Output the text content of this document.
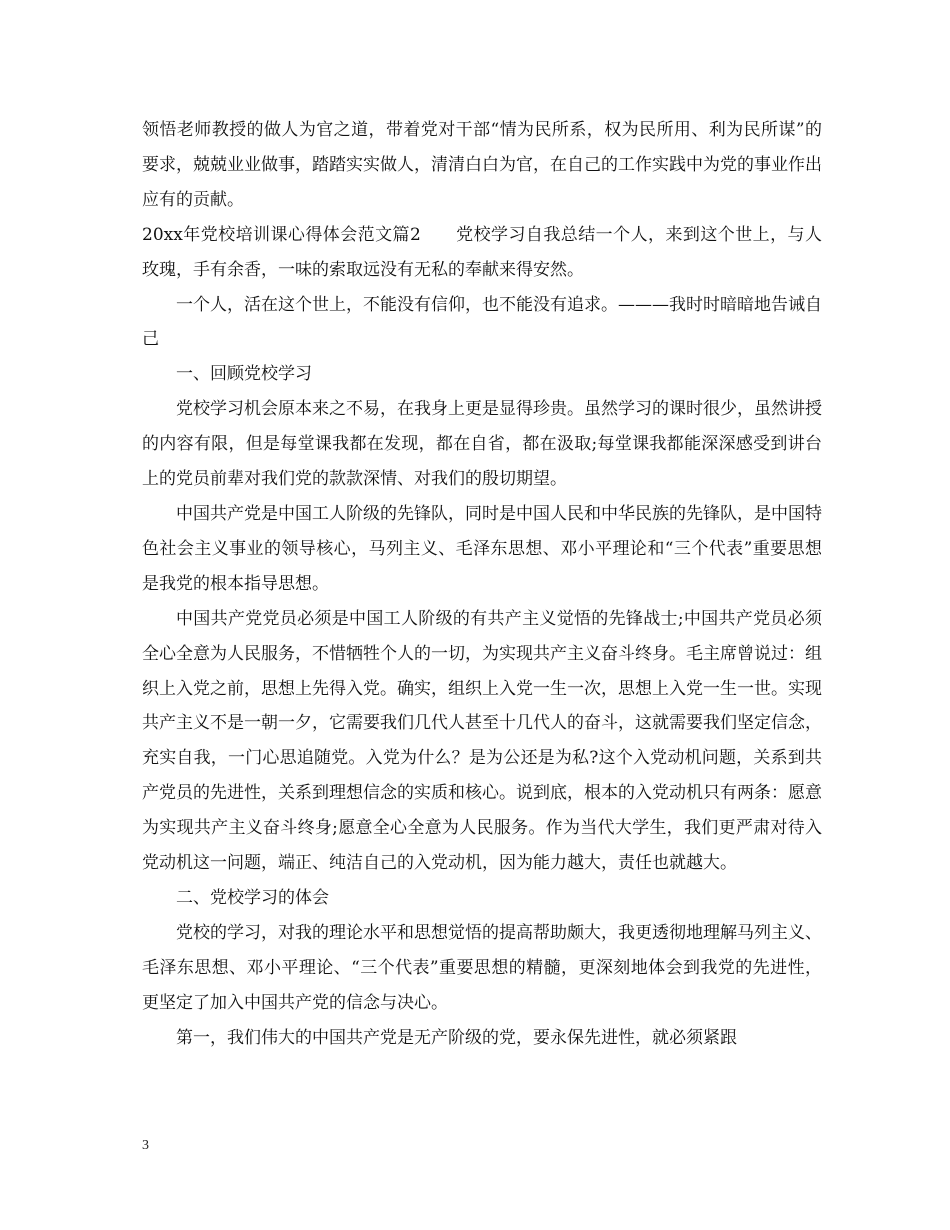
领悟老师教授的做人为官之道，带着党对干部“情为民所系，权为民所用、利为民所谋”的要求，兢兢业业做事，踏踏实实做人，清清白白为官，在自己的工作实践中为党的事业作出应有的贡献。

20xx年党校培训课心得体会范文篇2　　党校学习自我总结一个人，来到这个世上，与人玫瑰，手有余香，一味的索取远没有无私的奉献来得安然。

一个人，活在这个世上，不能没有信仰，也不能没有追求。———我时时暗暗地告诫自己

一、回顾党校学习

党校学习机会原本来之不易，在我身上更是显得珍贵。虽然学习的课时很少，虽然讲授的内容有限，但是每堂课我都在发现，都在自省，都在汲取;每堂课我都能深深感受到讲台上的党员前辈对我们党的款款深情、对我们的殷切期望。

中国共产党是中国工人阶级的先锋队，同时是中国人民和中华民族的先锋队，是中国特色社会主义事业的领导核心，马列主义、毛泽东思想、邓小平理论和“三个代表”重要思想是我党的根本指导思想。

中国共产党党员必须是中国工人阶级的有共产主义觉悟的先锋战士;中国共产党员必须全心全意为人民服务，不惜牺牲个人的一切，为实现共产主义奋斗终身。毛主席曾说过：组织上入党之前，思想上先得入党。确实，组织上入党一生一次，思想上入党一生一世。实现共产主义不是一朝一夕，它需要我们几代人甚至十几代人的奋斗，这就需要我们坚定信念，充实自我，一门心思追随党。入党为什么？是为公还是为私?这个入党动机问题，关系到共产党员的先进性，关系到理想信念的实质和核心。说到底，根本的入党动机只有两条：愿意为实现共产主义奋斗终身;愿意全心全意为人民服务。作为当代大学生，我们更严肃对待入党动机这一问题，端正、纯洁自己的入党动机，因为能力越大，责任也就越大。

二、党校学习的体会

党校的学习，对我的理论水平和思想觉悟的提高帮助颇大，我更透彻地理解马列主义、毛泽东思想、邓小平理论、“三个代表”重要思想的精髓，更深刻地体会到我党的先进性，更坚定了加入中国共产党的信念与决心。

第一，我们伟大的中国共产党是无产阶级的党，要永保先进性，就必须紧跟

3
